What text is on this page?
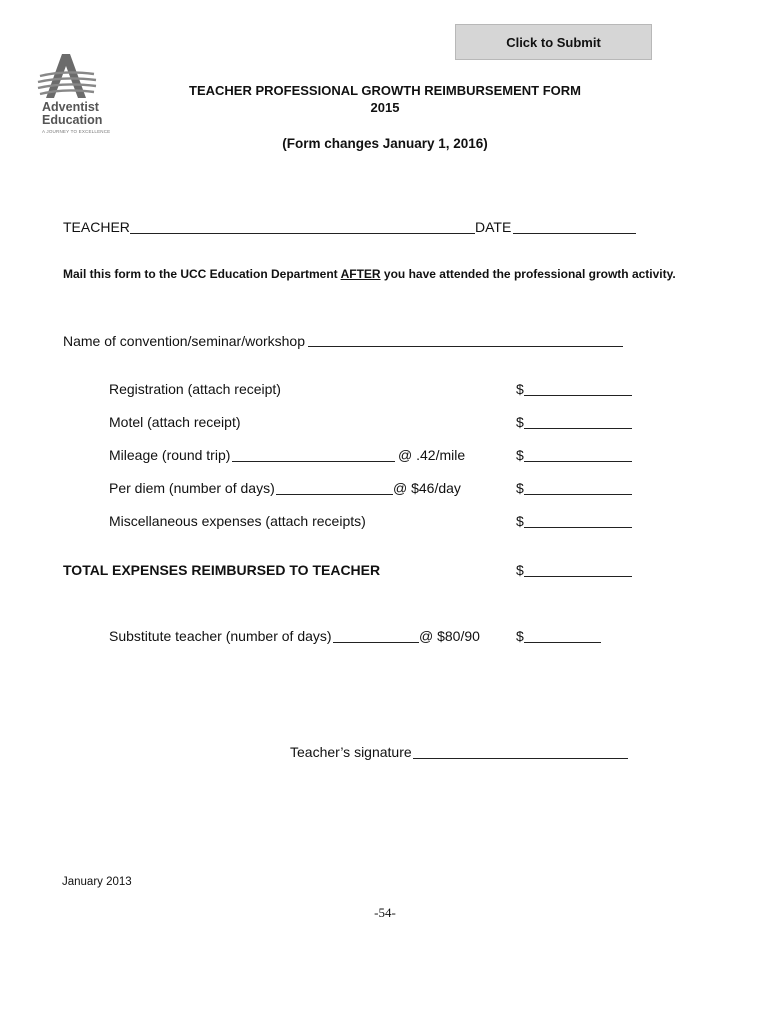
Click to Submit
Adventist
Education
A JOURNEY TO EXCELLENCE
TEACHER PROFESSIONAL GROWTH REIMBURSEMENT FORM
2015
(Form changes January 1, 2016)
TEACHER	DATE
Mail this form to the UCC Education Department AFTER you have attended the professional growth activity.
Name of convention/seminar/workshop
Registration (attach receipt)	$
Motel (attach receipt)	$
Mileage (round trip)	@ .42/mile	$
Per diem (number of days)	@ $46/day	$
Miscellaneous expenses (attach receipts)	$
TOTAL EXPENSES REIMBURSED TO TEACHER	$
Substitute teacher (number of days)	@ $80/90	$
Teacher’s signature
January 2013
-54-
